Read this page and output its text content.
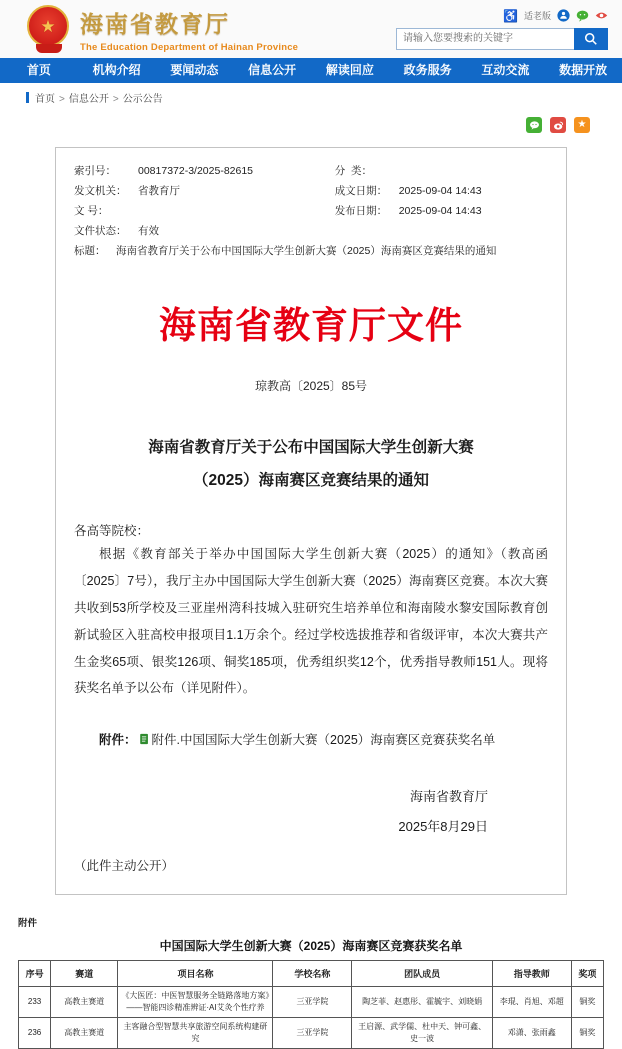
★ 海南省教育厅
The Education Department of Hainan Province
♿ 适老版
请输入您要搜索的关键字
首页	机构介绍	要闻动态	信息公开	解读回应	政务服务	互动交流	数据开放
首页 > 信息公开 > 公示公告
★
索引号：	00817372-3/2025-82615	分  类：
发文机关：	省教育厅	成文日期：	2025-09-04 14:43
文 号：	发布日期：	2025-09-04 14:43
文件状态：	有效
标题：	海南省教育厅关于公布中国国际大学生创新大赛（2025）海南赛区竞赛结果的通知
海南省教育厅文件
琼教高〔2025〕85号
海南省教育厅关于公布中国国际大学生创新大赛
（2025）海南赛区竞赛结果的通知

各高等院校：

根据《教育部关于举办中国国际大学生创新大赛（2025）的通知》（教高函〔2025〕7号），我厅主办中国国际大学生创新大赛（2025）海南赛区竞赛。本次大赛共收到53所学校及三亚崖州湾科技城入驻研究生培养单位和海南陵水黎安国际教育创新试验区入驻高校申报项目1.1万余个。经过学校选拔推荐和省级评审，本次大赛共产生金奖65项、银奖126项、铜奖185项，优秀组织奖12个，优秀指导教师151人。现将获奖名单予以公布（详见附件）。

附件： 附件.中国国际大学生创新大赛（2025）海南赛区竞赛获奖名单

海南省教育厅
2025年8月29日

（此件主动公开）

附件
中国国际大学生创新大赛（2025）海南赛区竞赛获奖名单
序号	赛道	项目名称	学校名称	团队成员	指导教师	奖项
233	高教主赛道	《大医匠：中医智慧服务全链路落地方案》——智能四诊精准辨证·AI艾灸个性疗养	三亚学院	陶芝菲、赵惠彤、霍毓宇、刘晓娟	李琨、肖旭、邓超	铜奖
236	高教主赛道	主客融合型智慧共享旅游空间系统构建研究	三亚学院	王启源、武学儒、杜中天、钟可鑫、史一波	邓潇、张雨鑫	铜奖
